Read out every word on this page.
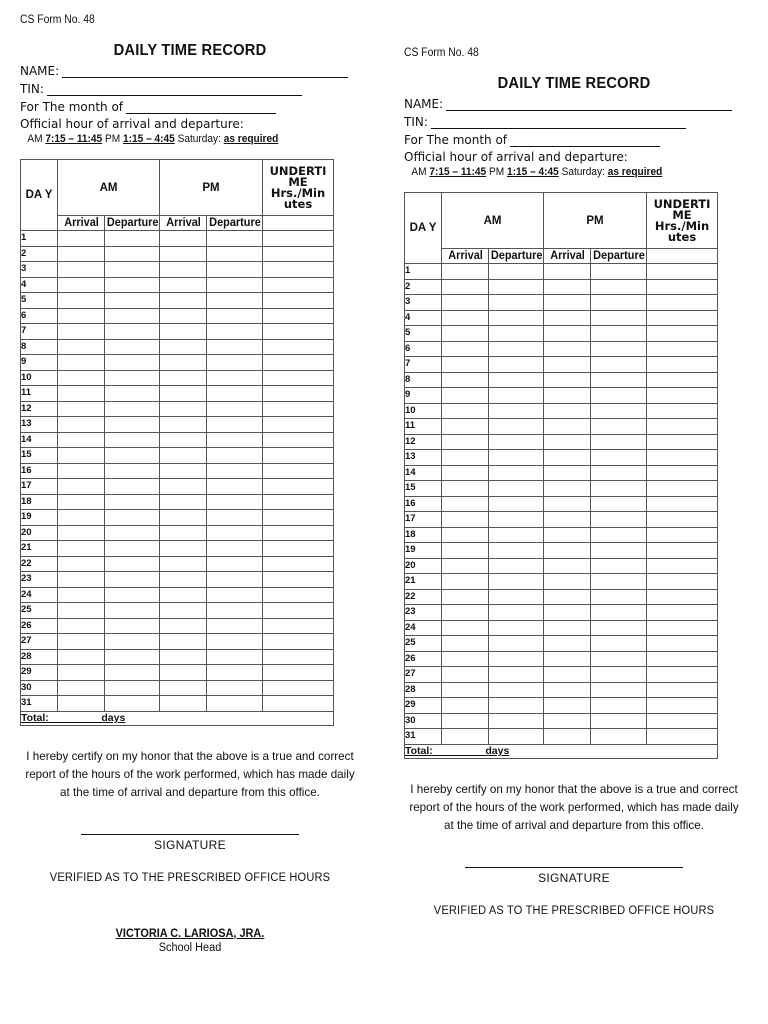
CS Form No. 48
DAILY TIME RECORD
NAME:
TIN:
For The month of
Official hour of arrival and departure:
AM 7:15 – 11:45 PM 1:15 – 4:45 Saturday: as required
DA Y	AM		PM		UNDERTI ME Hrs./Min utes
	Arrival	Departure	Arrival	Departure	
1					
2					
3					
4					
5					
6					
7					
8					
9					
10					
11					
12					
13					
14					
15					
16					
17					
18					
19					
20					
21					
22					
23					
24					
25					
26					
27					
28					
29					
30					
31					
Total: ________ days					
I hereby certify on my honor that the above is a true and correct report of the hours of the work performed, which has made daily at the time of arrival and departure from this office.
SIGNATURE
VERIFIED AS TO THE PRESCRIBED OFFICE HOURS
VICTORIA C. LARIOSA, JRA.
School Head
CS Form No. 48
DAILY TIME RECORD
NAME:
TIN:
For The month of
Official hour of arrival and departure:
AM 7:15 – 11:45 PM 1:15 – 4:45 Saturday: as required
DA Y	AM		PM		UNDERTI ME Hrs./Min utes
	Arrival	Departure	Arrival	Departure	
1					
2					
3					
4					
5					
6					
7					
8					
9					
10					
11					
12					
13					
14					
15					
16					
17					
18					
19					
20					
21					
22					
23					
24					
25					
26					
27					
28					
29					
30					
31					
Total: ________ days					
I hereby certify on my honor that the above is a true and correct report of the hours of the work performed, which has made daily at the time of arrival and departure from this office.
SIGNATURE
VERIFIED AS TO THE PRESCRIBED OFFICE HOURS
